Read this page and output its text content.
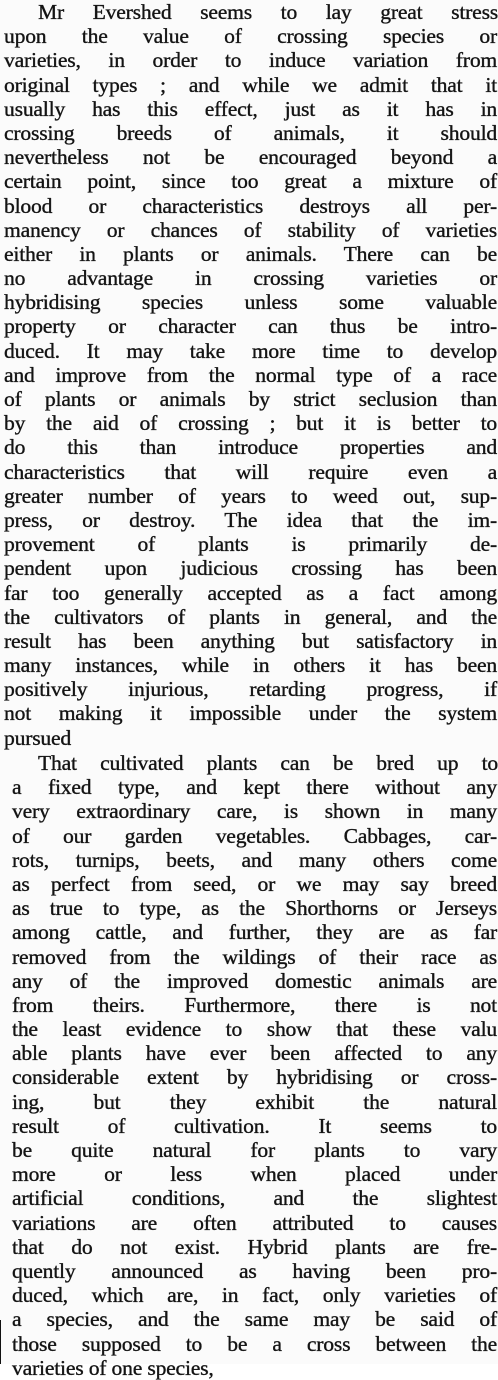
Mr Evershed seems to lay great stress
upon the value of crossing species or
varieties, in order to induce variation from
original types ; and while we admit that it
usually has this effect, just as it has in
crossing breeds of animals, it should
nevertheless not be encouraged beyond a
certain point, since too great a mixture of
blood or characteristics destroys all per-
manency or chances of stability of varieties
either in plants or animals. There can be
no advantage in crossing varieties or
hybridising species unless some valuable
property or character can thus be intro-
duced. It may take more time to develop
and improve from the normal type of a race
of plants or animals by strict seclusion than
by the aid of crossing ; but it is better to
do this than introduce properties and
characteristics that will require even a
greater number of years to weed out, sup-
press, or destroy. The idea that the im-
provement of plants is primarily de-
pendent upon judicious crossing has been
far too generally accepted as a fact among
the cultivators of plants in general, and the
result has been anything but satisfactory in
many instances, while in others it has been
positively injurious, retarding progress, if
not making it impossible under the system
pursued
That cultivated plants can be bred up to
a fixed type, and kept there without any
very extraordinary care, is shown in many
of our garden vegetables. Cabbages, car-
rots, turnips, beets, and many others come
as perfect from seed, or we may say breed
as true to type, as the Shorthorns or Jerseys
among cattle, and further, they are as far
removed from the wildings of their race as
any of the improved domestic animals are
from theirs. Furthermore, there is not
the least evidence to show that these valu
able plants have ever been affected to any
considerable extent by hybridising or cross-
ing, but they exhibit the natural
result of cultivation. It seems to
be quite natural for plants to vary
more or less when placed under
artificial conditions, and the slightest
variations are often attributed to causes
that do not exist. Hybrid plants are fre-
quently announced as having been pro-
duced, which are, in fact, only varieties of
a species, and the same may be said of
those supposed to be a cross between the
varieties of one species,
